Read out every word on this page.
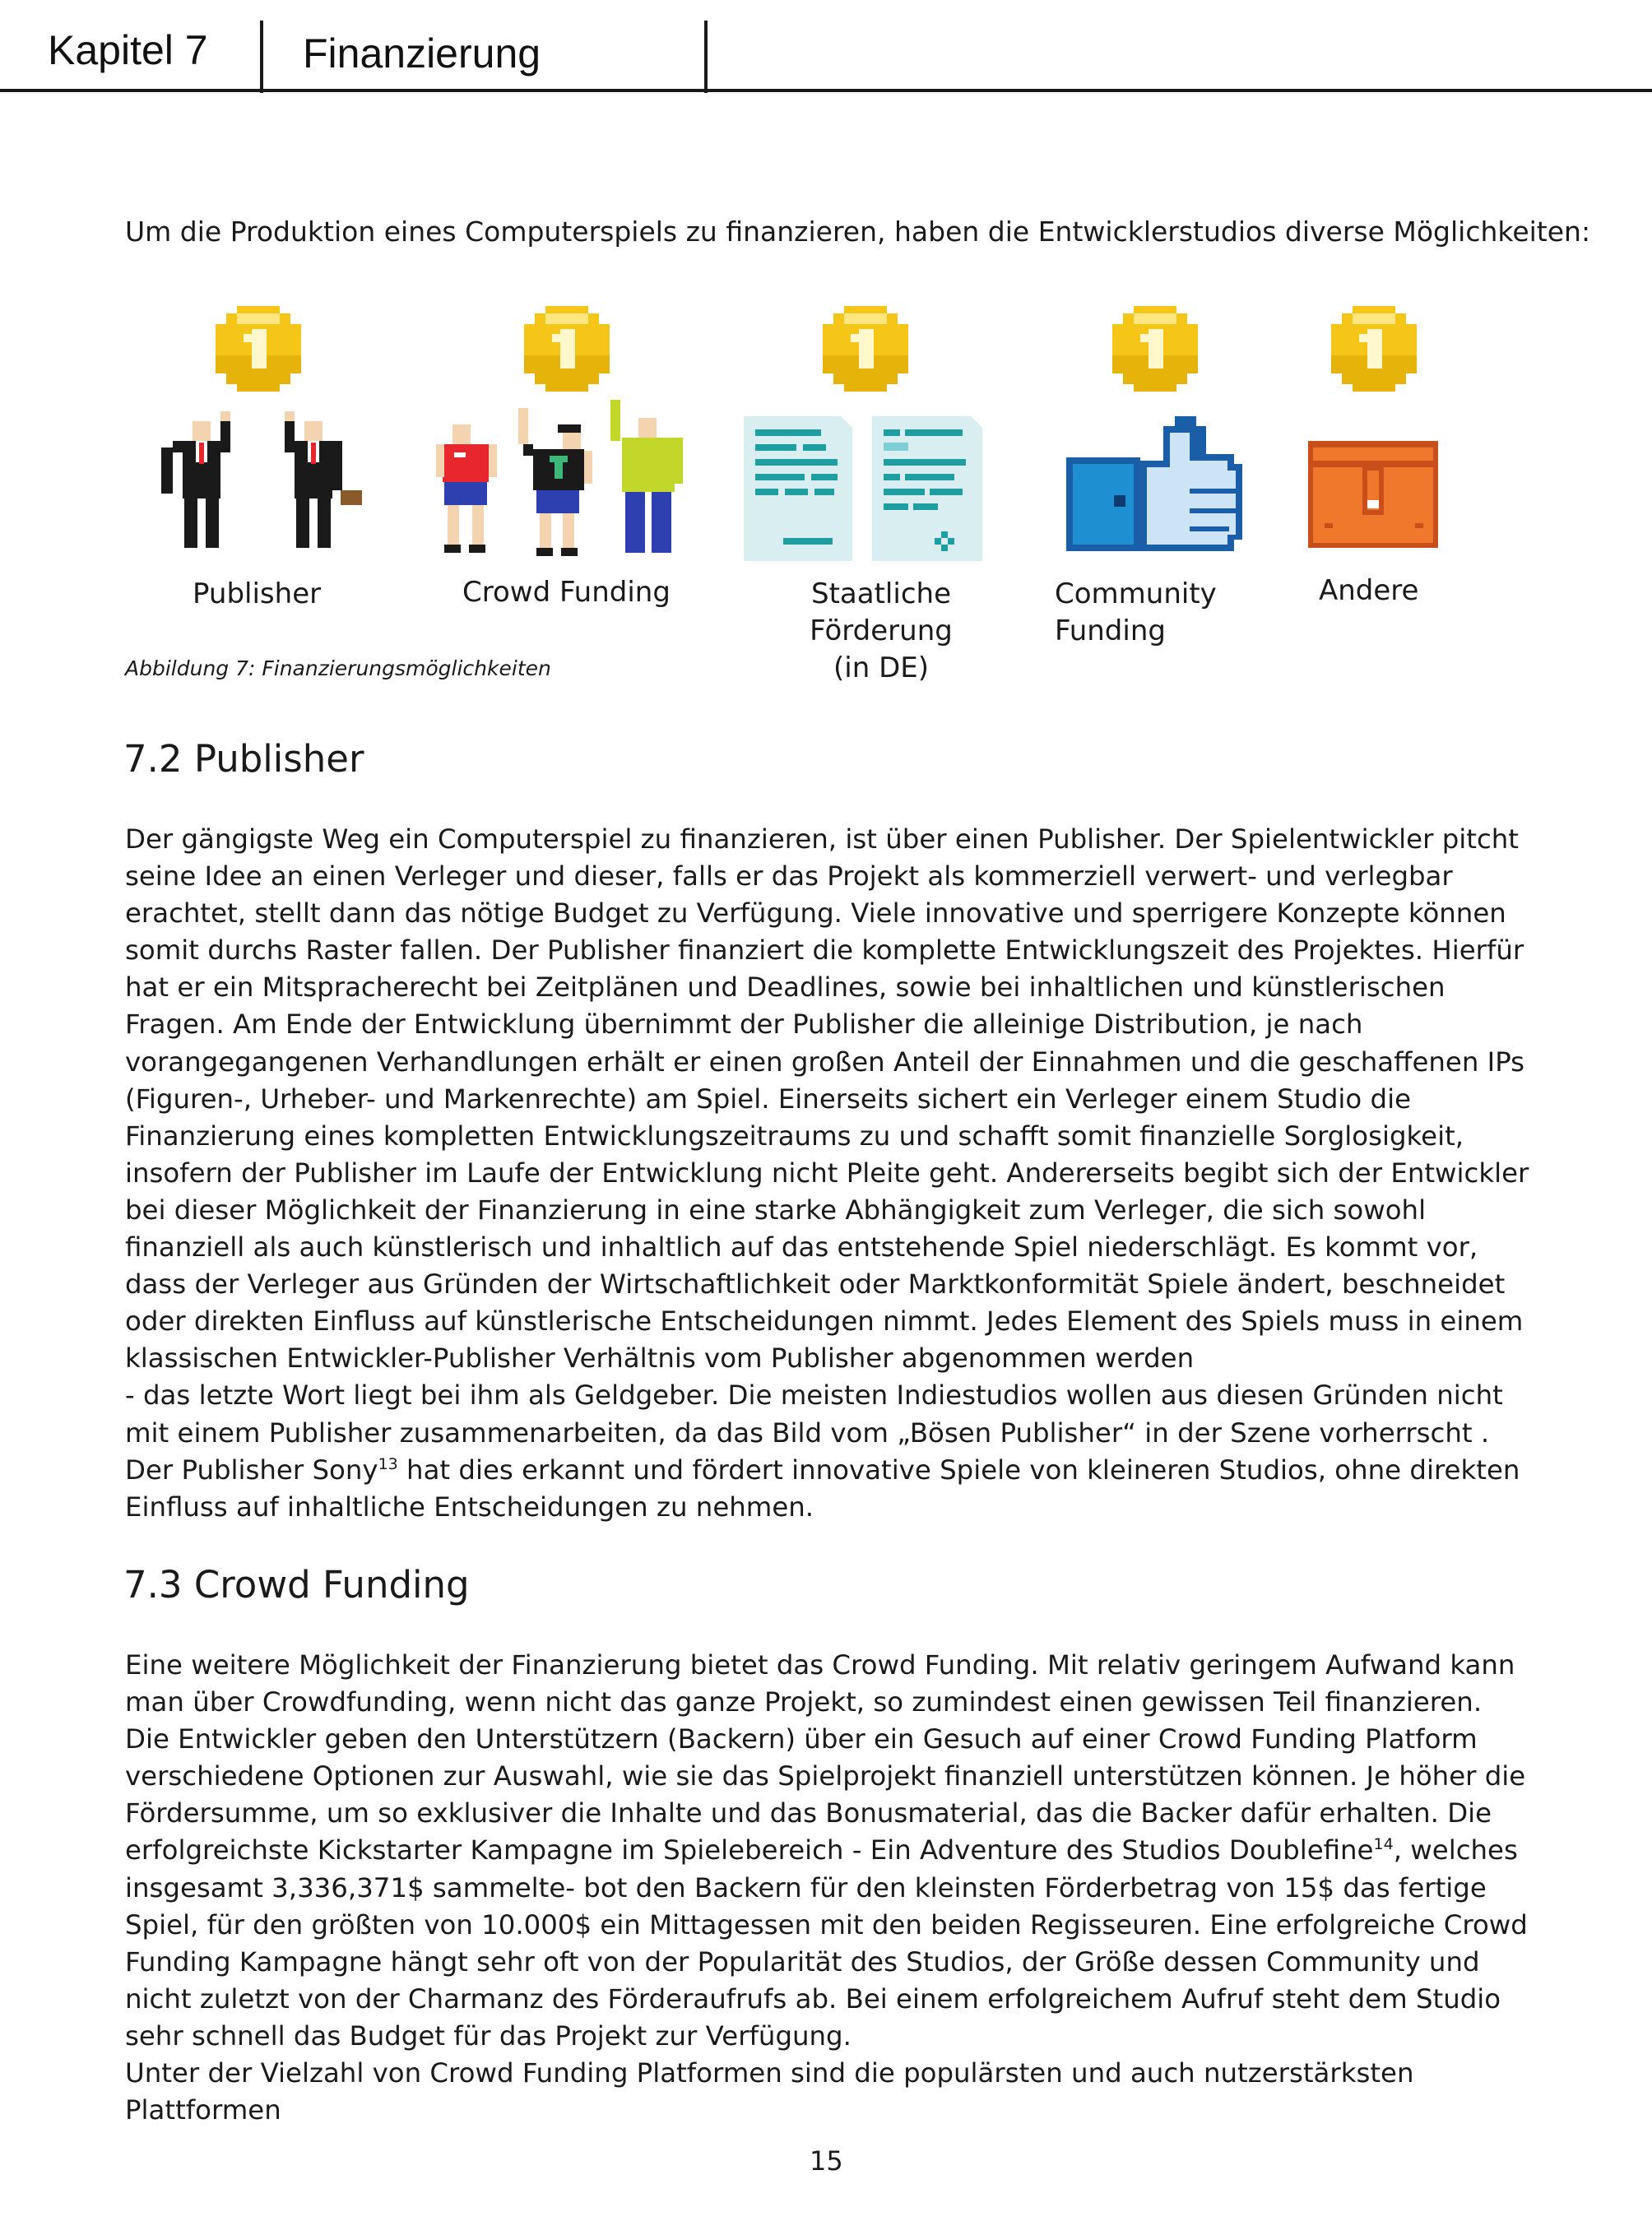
Kapitel 7 Finanzierung
Um die Produktion eines Computerspiels zu finanzieren, haben die Entwicklerstudios diverse Möglichkeiten:
Publisher	Crowd Funding	Staatliche Förderung
(in DE)
Community
Funding
Andere
Abbildung 7: Finanzierungsmöglichkeiten
7.2 Publisher

Der gängigste Weg ein Computerspiel zu finanzieren, ist über einen Publisher. Der Spielentwickler pitcht seine Idee an einen Verleger und dieser, falls er das Projekt als kommerziell verwert- und verlegbar erachtet, stellt dann das nötige Budget zu Verfügung. Viele innovative und sperrigere Konzepte können somit durchs Raster fallen. Der Publisher finanziert die komplette Entwicklungszeit des Projektes. Hierfür hat er ein Mitspracherecht bei Zeitplänen und Deadlines, sowie bei inhaltlichen und künstlerischen Fragen. Am Ende der Entwicklung übernimmt der Publisher die alleinige Distribution, je nach vorangegangenen Verhandlungen erhält er einen großen Anteil der Einnahmen und die geschaffenen IPs (Figuren-, Urheber- und Markenrechte) am Spiel. Einerseits sichert ein Verleger einem Studio die Finanzierung eines kompletten Entwicklungszeitraums zu und schafft somit finanzielle Sorglosigkeit, insofern der Publisher im Laufe der Entwicklung nicht Pleite geht. Andererseits begibt sich der Entwickler bei dieser Möglichkeit der Finanzierung in eine starke Abhängigkeit zum Verleger, die sich sowohl finanziell als auch künstlerisch und inhaltlich auf das entstehende Spiel niederschlägt. Es kommt vor, dass der Verleger aus Gründen der Wirtschaftlichkeit oder Marktkonformität Spiele ändert, beschneidet oder direkten Einfluss auf künstlerische Entscheidungen nimmt. Jedes Element des Spiels muss in einem klassischen Entwickler-Publisher Verhältnis vom Publisher abgenommen werden
- das letzte Wort liegt bei ihm als Geldgeber. Die meisten Indiestudios wollen aus diesen Gründen nicht mit einem Publisher zusammenarbeiten, da das Bild vom „Bösen Publisher“ in der Szene vorherrscht . Der Publisher Sony$^{13}$ hat dies erkannt und fördert innovative Spiele von kleineren Studios, ohne direkten Einfluss auf inhaltliche Entscheidungen zu nehmen.

7.3 Crowd Funding

Eine weitere Möglichkeit der Finanzierung bietet das Crowd Funding. Mit relativ geringem Aufwand kann man über Crowdfunding, wenn nicht das ganze Projekt, so zumindest einen gewissen Teil finanzieren. Die Entwickler geben den Unterstützern (Backern) über ein Gesuch auf einer Crowd Funding Platform verschiedene Optionen zur Auswahl, wie sie das Spielprojekt finanziell unterstützen können. Je höher die Fördersumme, um so exklusiver die Inhalte und das Bonusmaterial, das die Backer dafür erhalten. Die erfolgreichste Kickstarter Kampagne im Spielebereich - Ein Adventure des Studios Doublefine$^{14}$, welches insgesamt 3,336,371$ sammelte- bot den Backern für den kleinsten Förderbetrag von 15$ das fertige Spiel, für den größten von 10.000$ ein Mittagessen mit den beiden Regisseuren. Eine erfolgreiche Crowd Funding Kampagne hängt sehr oft von der Popularität des Studios, der Größe dessen Community und nicht zuletzt von der Charmanz des Förderaufrufs ab. Bei einem erfolgreichem Aufruf steht dem Studio sehr schnell das Budget für das Projekt zur Verfügung.
Unter der Vielzahl von Crowd Funding Platformen sind die populärsten und auch nutzerstärksten Plattformen

15
